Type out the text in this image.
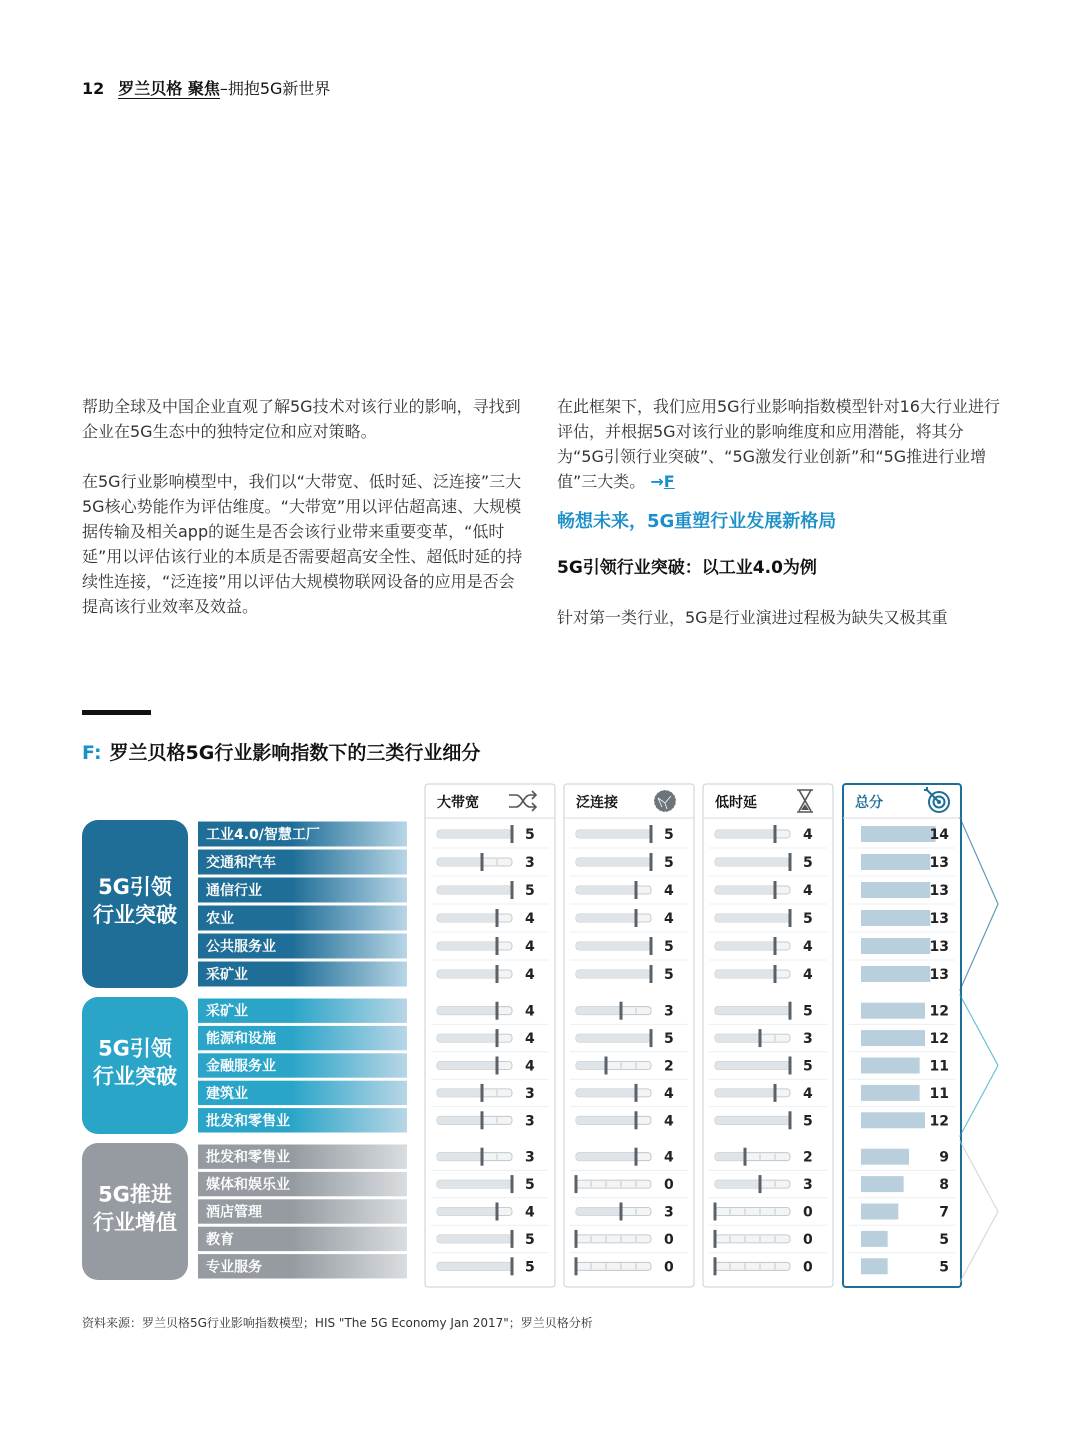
12 罗兰贝格 聚焦–拥抱5G新世界

帮助全球及中国企业直观了解5G技术对该行业的影响，寻找到企业在5G生态中的独特定位和应对策略。

在5G行业影响模型中，我们以“大带宽、低时延、泛连接”三大5G核心势能作为评估维度。“大带宽”用以评估超高速、大规模据传输及相关app的诞生是否会该行业带来重要变革，“低时延”用以评估该行业的本质是否需要超高安全性、超低时延的持续性连接，“泛连接”用以评估大规模物联网设备的应用是否会提高该行业效率及效益。

在此框架下，我们应用5G行业影响指数模型针对16大行业进行评估，并根据5G对该行业的影响维度和应用潜能，将其分为“5G引领行业突破”、“5G激发行业创新”和“5G推进行业增值”三大类。 →F

畅想未来，5G重塑行业发展新格局

5G引领行业突破：以工业4.0为例

针对第一类行业，5G是行业演进过程极为缺失又极其重

F: 罗兰贝格5G行业影响指数下的三类行业细分
大带宽	泛连接	低时延	总分
5G引领
行业突破
工业4.0/智慧工厂	5	5	4	14
交通和汽车	3	5	5	13
通信行业	5	4	4	13
农业	4	4	5	13
公共服务业	4	5	4	13
采矿业	4	5	4	13
5G引领
行业突破
采矿业	4	3	5	12
能源和设施	4	5	3	12
金融服务业	4	2	5	11
建筑业	3	4	4	11
批发和零售业	3	4	5	12
5G推进
行业增值
批发和零售业	3	4	2	9
媒体和娱乐业	5	0	3	8
酒店管理	4	3	0	7
教育	5	0	0	5
专业服务	5	0	0	5
资料来源：罗兰贝格5G行业影响指数模型；HIS "The 5G Economy Jan 2017"；罗兰贝格分析
